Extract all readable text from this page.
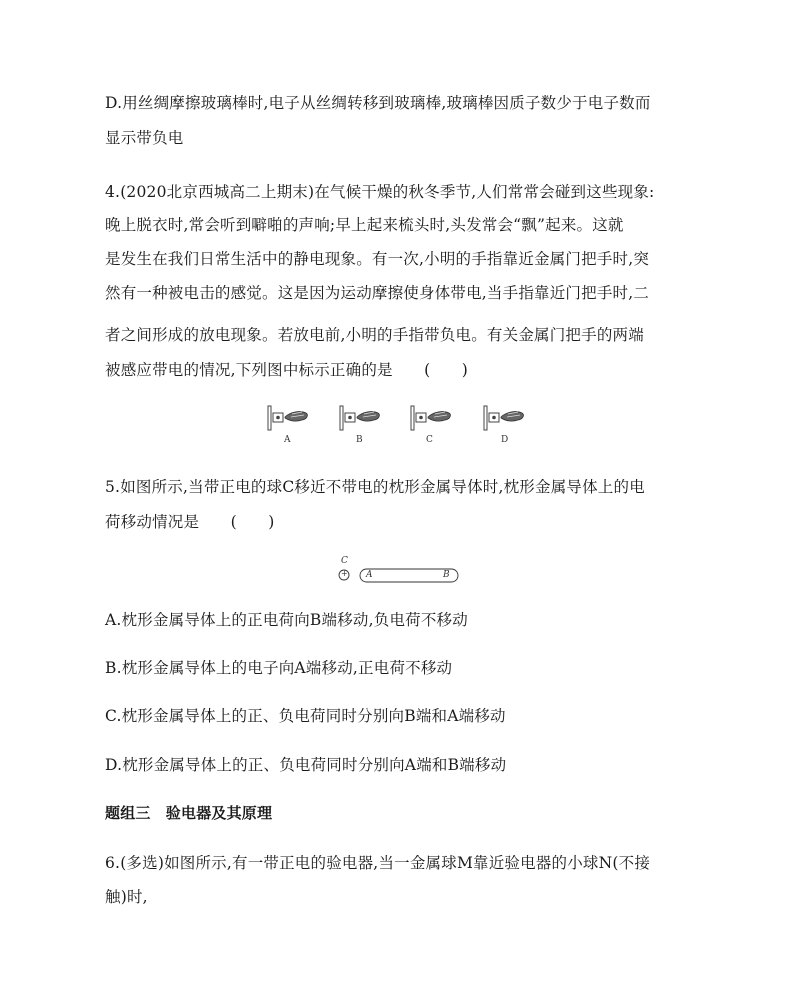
D.用丝绸摩擦玻璃棒时,电子从丝绸转移到玻璃棒,玻璃棒因质子数少于电子数而
显示带负电
4.(2020北京西城高二上期末)在气候干燥的秋冬季节,人们常常会碰到这些现象:
晚上脱衣时,常会听到噼啪的声响;早上起来梳头时,头发常会“飘”起来。这就
是发生在我们日常生活中的静电现象。有一次,小明的手指靠近金属门把手时,突
然有一种被电击的感觉。这是因为运动摩擦使身体带电,当手指靠近门把手时,二
者之间形成的放电现象。若放电前,小明的手指带负电。有关金属门把手的两端
被感应带电的情况,下列图中标示正确的是　　(　　)
A	B	C	D
5.如图所示,当带正电的球C移近不带电的枕形金属导体时,枕形金属导体上的电
荷移动情况是　　(　　)
C
+ A	B
A.枕形金属导体上的正电荷向B端移动,负电荷不移动
B.枕形金属导体上的电子向A端移动,正电荷不移动
C.枕形金属导体上的正、负电荷同时分别向B端和A端移动
D.枕形金属导体上的正、负电荷同时分别向A端和B端移动
题组三　验电器及其原理
6.(多选)如图所示,有一带正电的验电器,当一金属球M靠近验电器的小球N(不接
触)时,
